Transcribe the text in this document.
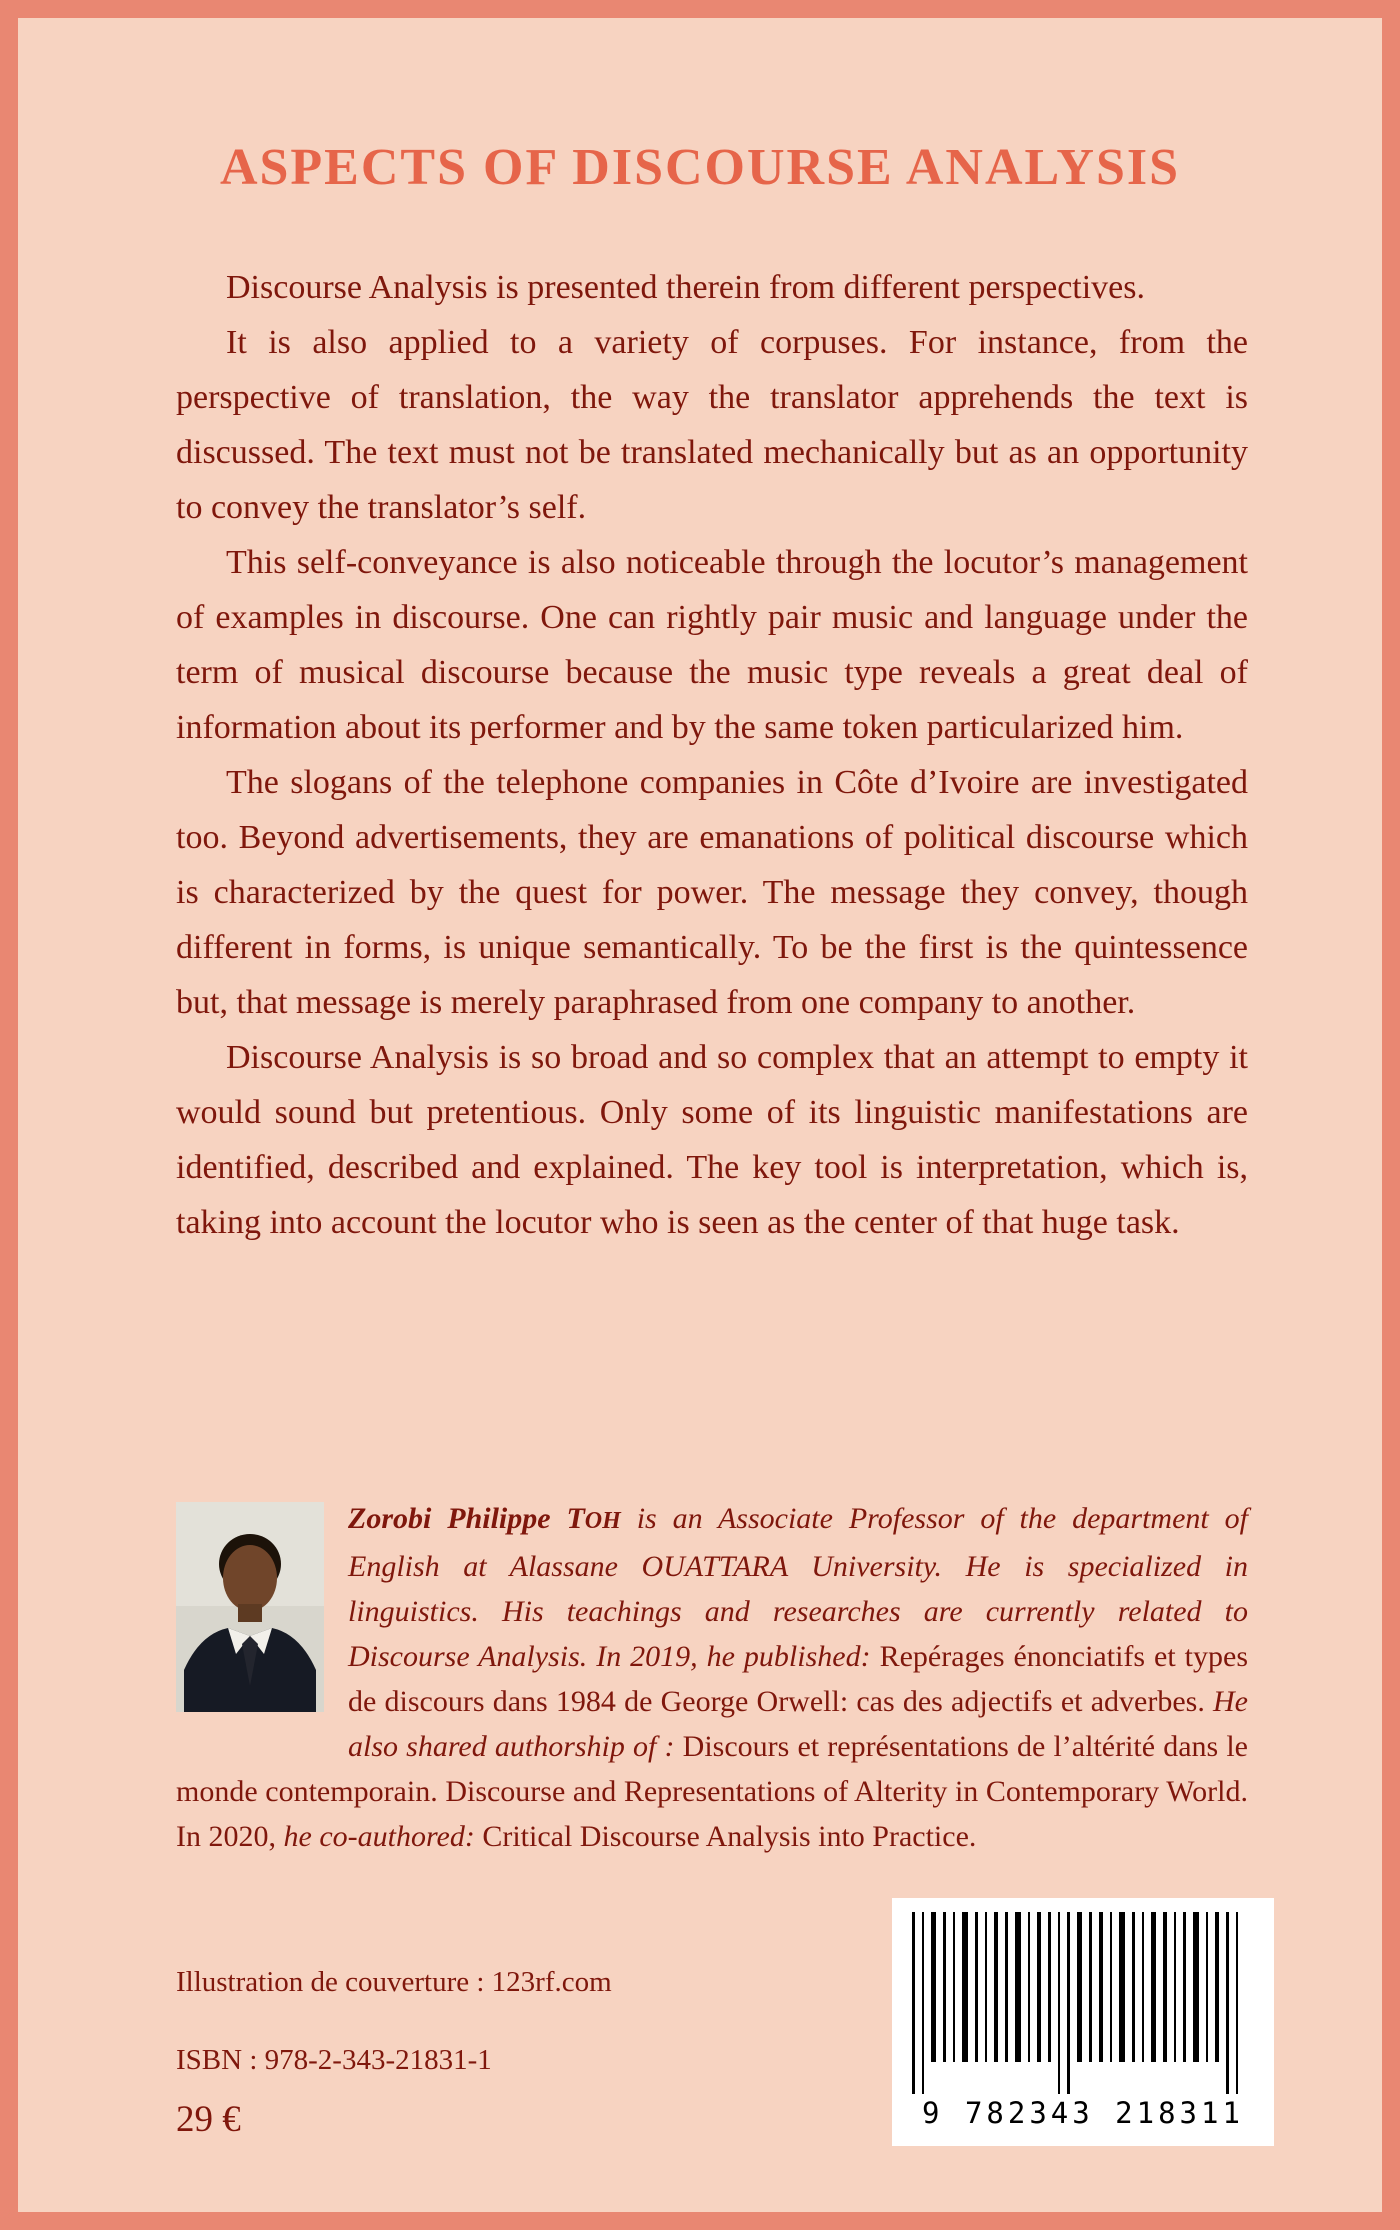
ASPECTS OF DISCOURSE ANALYSIS

Discourse Analysis is presented therein from different perspectives.

It is also applied to a variety of corpuses. For instance, from the perspective of translation, the way the translator apprehends the text is discussed. The text must not be translated mechanically but as an opportunity to convey the translator’s self.

This self-conveyance is also noticeable through the locutor’s management of examples in discourse. One can rightly pair music and language under the term of musical discourse because the music type reveals a great deal of information about its performer and by the same token particularized him.

The slogans of the telephone companies in Côte d’Ivoire are investigated too. Beyond advertisements, they are emanations of political discourse which is characterized by the quest for power. The message they convey, though different in forms, is unique semantically. To be the first is the quintessence but, that message is merely paraphrased from one company to another.

Discourse Analysis is so broad and so complex that an attempt to empty it would sound but pretentious. Only some of its linguistic manifestations are identified, described and explained. The key tool is interpretation, which is, taking into account the locutor who is seen as the center of that huge task.

Zorobi Philippe TOH is an Associate Professor of the department of English at Alassane OUATTARA University. He is specialized in linguistics. His teachings and researches are currently related to Discourse Analysis. In 2019, he published: Repérages énonciatifs et types de discours dans 1984 de George Orwell: cas des adjectifs et adverbes. He also shared authorship of : Discours et représentations de l’altérité dans le monde contemporain. Discourse and Representations of Alterity in Contemporary World. In 2020, he co-authored: Critical Discourse Analysis into Practice.
Illustration de couverture : 123rf.com
ISBN : 978-2-343-21831-1
29 €	9 782343 218311
